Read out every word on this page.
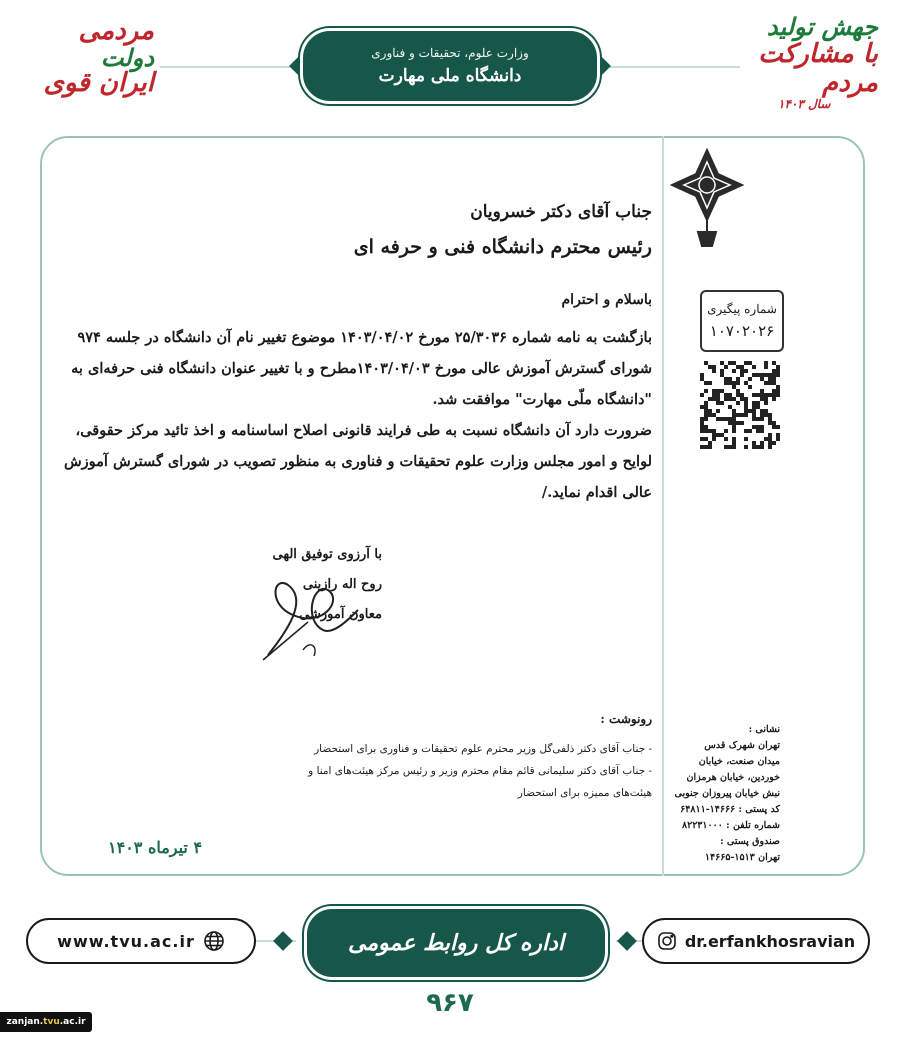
وزارت علوم، تحقیقات و فناوری
دانشگاه ملی مهارت
مردمی
دولت
ایران قوی
جهش تولید
با مشارکت مردم
سال ۱۴۰۳
شماره پیگیری
۱۰۷۰۲۰۲۶
جناب آقای دکتر خسرویان
رئیس محترم دانشگاه فنی و حرفه ای
باسلام و احترام

بازگشت به نامه شماره ۲۵/۳۰۳۶ مورخ ۱۴۰۳/۰۴/۰۲ موضوع تغییر نام آن دانشگاه در جلسه ۹۷۴ شورای گسترش آموزش عالی مورخ ۱۴۰۳/۰۴/۰۳مطرح و با تغییر عنوان دانشگاه فنی حرفه‌ای به "دانشگاه ملّی مهارت" موافقت شد.

ضرورت دارد آن دانشگاه نسبت به طی فرایند قانونی اصلاح اساسنامه و اخذ تائید مرکز حقوقی، لوایح و امور مجلس وزارت علوم تحقیقات و فناوری به منظور تصویب در شورای گسترش آموزش عالی اقدام نماید./

با آرزوی توفیق الهی
روح اله رازینی
معاون آموزشی
رونوشت :
- جناب آقای دکتر ذلفی‌گل وزیر محترم علوم تحقیقات و فناوری برای استحضار
- جناب آقای دکتر سلیمانی قائم مقام محترم وزیر و رئیس مرکز هیئت‌های امنا و هیئت‌های ممیزه برای استحضار
۴ تیرماه ۱۴۰۳
نشانی :
تهران شهرک قدس
میدان صنعت، خیابان
خوردین، خیابان هرمزان
نبش خیابان پیروزان جنوبی
کد پستی : ۱۴۶۶۶-۶۴۸۱۱
شماره تلفن : ۸۲۲۳۱۰۰۰
صندوق پستی :
تهران ۱۵۱۳-۱۴۶۶۵
www.tvu.ac.ir	اداره کل روابط عمومی	dr.erfankhosravian
۹۶۷
zanjan. tvu .ac.ir
